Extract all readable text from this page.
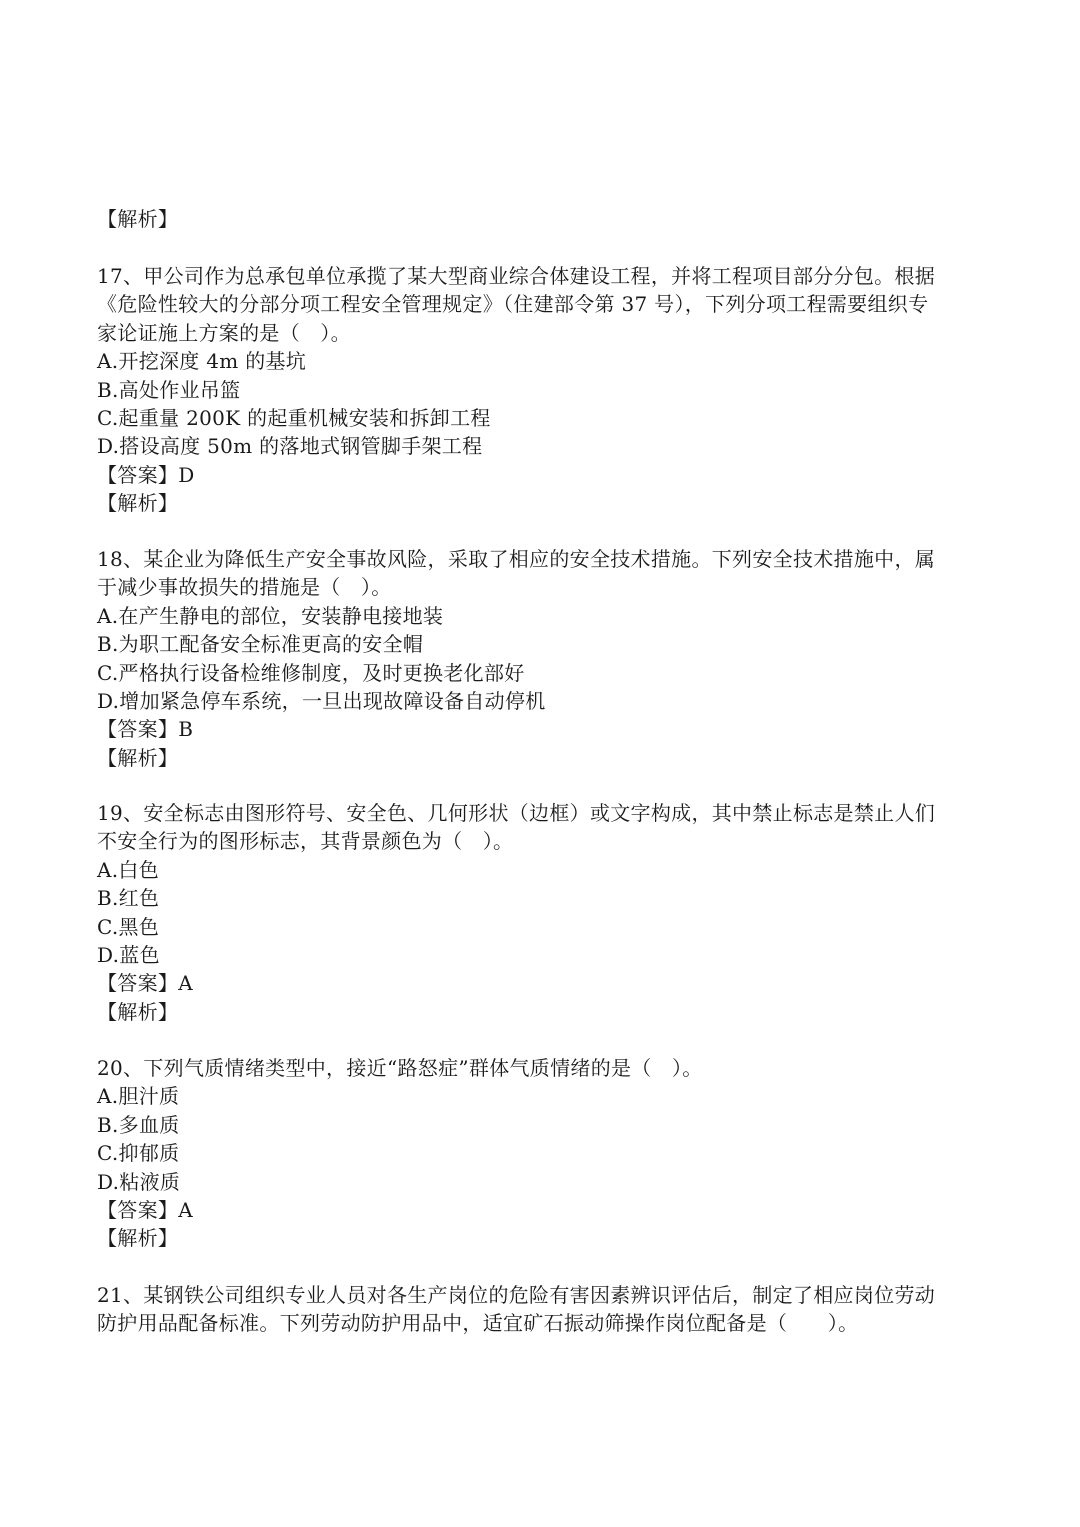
【解析】
17、甲公司作为总承包单位承揽了某大型商业综合体建设工程，并将工程项目部分分包。根据
《危险性较大的分部分项工程安全管理规定》（住建部令第 37 号），下列分项工程需要组织专
家论证施上方案的是（　）。
A.开挖深度 4m 的基坑
B.高处作业吊篮
C.起重量 200K 的起重机械安装和拆卸工程
D.搭设高度 50m 的落地式钢管脚手架工程
【答案】D
【解析】
18、某企业为降低生产安全事故风险，采取了相应的安全技术措施。下列安全技术措施中，属
于减少事故损失的措施是（　）。
A.在产生静电的部位，安装静电接地装
B.为职工配备安全标准更高的安全帽
C.严格执行设备检维修制度，及时更换老化部好
D.增加紧急停车系统，一旦出现故障设备自动停机
【答案】B
【解析】
19、安全标志由图形符号、安全色、几何形状（边框）或文字构成，其中禁止标志是禁止人们
不安全行为的图形标志，其背景颜色为（　）。
A.白色
B.红色
C.黑色
D.蓝色
【答案】A
【解析】
20、下列气质情绪类型中，接近“路怒症”群体气质情绪的是（　）。
A.胆汁质
B.多血质
C.抑郁质
D.粘液质
【答案】A
【解析】
21、某钢铁公司组织专业人员对各生产岗位的危险有害因素辨识评估后，制定了相应岗位劳动
防护用品配备标准。下列劳动防护用品中，适宜矿石振动筛操作岗位配备是（　　）。
